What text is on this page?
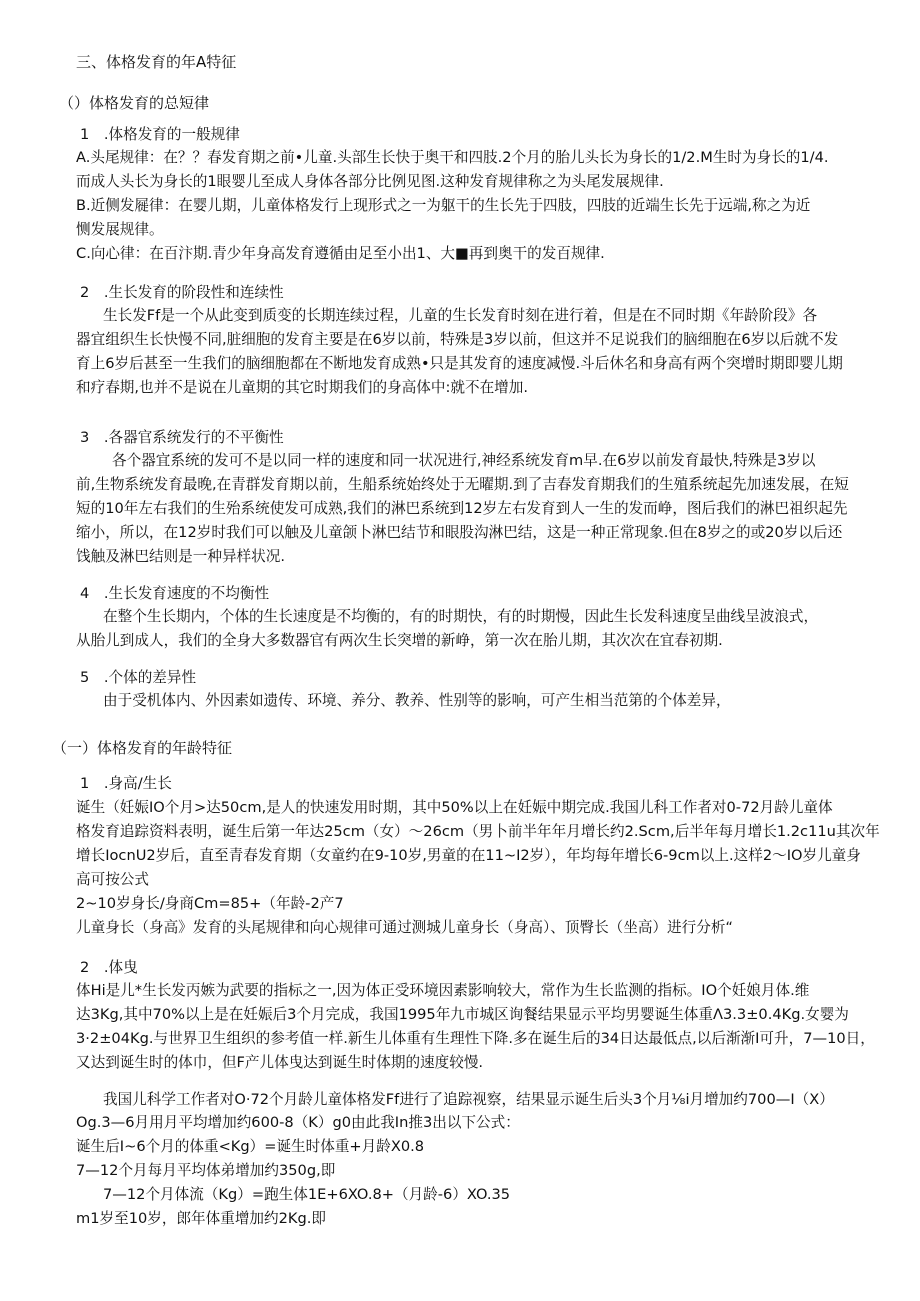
三、体格发育的年A特征
（）体格发育的总短律
1　.体格发育的一般规律
A.头尾规律：在？？春发育期之前•儿童.头部生长快于奥干和四肢.2个月的胎儿头长为身长的1/2.M生时为身长的1/4.
而成人头长为身长的1眼婴儿至成人身体各部分比例见图.这种发育规律称之为头尾发展规律.
B.近侧发屣律：在婴儿期，儿童体格发行上现形式之一为躯干的生长先于四肢，四肢的近端生长先于远端,称之为近
恻发展规律。
C.向心律：在百汴期.青少年身高发育遵循由足至小出1、大■再到奥干的发百规律.
2　.生长发育的阶段性和连续性
生长发Ff是一个从此变到质变的长期连续过程，儿童的生长发育时刻在进行着，但是在不同时期《年龄阶段》各
器宜组织生长快慢不同,脏细胞的发育主要是在6岁以前，特殊是3岁以前，但这并不足说我们的脑细胞在6岁以后就不发
育上6岁后甚至一生我们的脑细胞都在不断地发育成熟•只是其发育的速度减慢.斗后休名和身高有两个突增时期即婴儿期
和疗春期,也并不是说在儿童期的其它时期我们的身高体中:就不在增加.
3　.各器官系统发行的不平衡性
各个器宜系统的发可不是以同一样的速度和同一状况进行,神经系统发育m早.在6岁以前发育最快,特殊是3岁以
前,生物系统发育最晚,在青群发育期以前，生船系统始终处于无曜期.到了吉春发育期我们的生殖系统起先加速发展，在短
短的10年左右我们的生殆系统使发可成熟,我们的淋巴系统到12岁左右发育到人一生的发而峥，图后我们的淋巴祖织起先
缩小，所以，在12岁时我们可以触及儿童颌卜淋巴结节和眼股沟淋巴结，这是一种正常现象.但在8岁之的或20岁以后还
饯触及淋巴结则是一种异样状况.
4　.生长发育速度的不均衡性
在整个生长期内，个体的生长速度是不均衡的，有的时期快，有的时期慢，因此生长发科速度呈曲线呈波浪式，
从胎儿到成人，我们的全身大多数器官有两次生长突增的新峥，第一次在胎儿期，其次次在宜春初期.
5　.个体的差异性
由于受机体内、外因素如遗传、环境、养分、教养、性别等的影响，可产生相当范第的个体差异，
（一）体格发育的年龄特征
1　.身高/生长
诞生（妊娠IO个月>达50cm,是人的快速发用时期，其中50%以上在妊娠中期完成.我国儿科工作者对0-72月龄儿童体
格发育追踪资料表明，诞生后第一年达25cm（女）〜26cm（男卜前半年年月增长约2.Scm,后半年每月增长1.2c11u其次年
增长IocnU2岁后，直至青春发育期（女童约在9-10岁,男童的在11~I2岁），年均每年增长6-9cm以上.这样2〜IO岁儿童身
高可按公式
2~10岁身长/身商Cm=85+（年龄-2产7
儿童身长（身高》发育的头尾规律和向心规律可通过测城儿童身长（身高）、顶臀长（坐高）进行分析“
2　.体曳
体Hi是儿*生长发丙嫉为武要的指标之一,因为体正受环境因素影响较大，常作为生长监测的指标。IO个妊娘月体.维
达3Kg,其中70%以上是在妊娠后3个月完成，我国1995年九市城区询餐结果显示平均男婴诞生体重Λ3.3±0.4Kg.女婴为
3·2±04Kg.与世界卫生组织的参考值一样.新生儿体重有生理性下降.多在诞生后的34日达最低点,以后渐渐I可升，7—10日，
又达到诞生时的体巾，但F产儿体曳达到诞生时体期的速度较慢.
我国儿科学工作者对O·72个月龄儿童体格发Ff进行了追踪视察，结果显示诞生后头3个月⅛i月增加约700—I（X）
Og.3—6月用月平均增加约600-8（K）g0由此我In推3出以下公式：
诞生后I~6个月的体重<Kg）=诞生时体重+月龄X0.8
7—12个月每月平均体弟增加约350g,即
7—12个月体流（Kg）=跑生体1E+6XO.8+（月龄-6）XO.35
m1岁至10岁，郎年体重增加约2Kg.即
